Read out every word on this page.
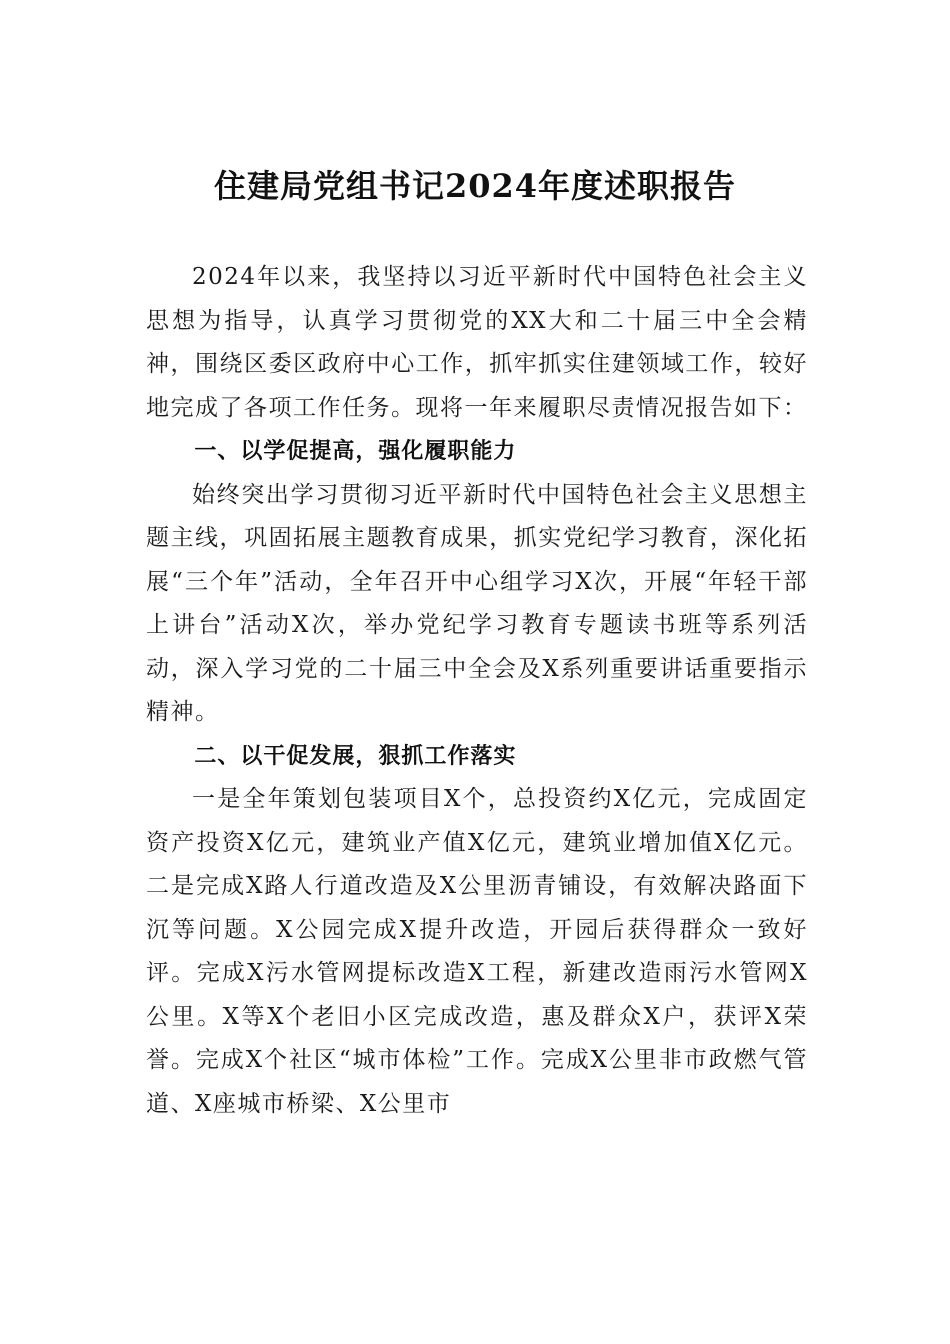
住建局党组书记2024年度述职报告

2024年以来，我坚持以习近平新时代中国特色社会主义思想为指导，认真学习贯彻党的XX大和二十届三中全会精神，围绕区委区政府中心工作，抓牢抓实住建领域工作，较好地完成了各项工作任务。现将一年来履职尽责情况报告如下：

一、以学促提高，强化履职能力

始终突出学习贯彻习近平新时代中国特色社会主义思想主题主线，巩固拓展主题教育成果，抓实党纪学习教育，深化拓展“三个年”活动，全年召开中心组学习X次，开展“年轻干部上讲台”活动X次，举办党纪学习教育专题读书班等系列活动，深入学习党的二十届三中全会及X系列重要讲话重要指示精神。

二、以干促发展，狠抓工作落实

一是全年策划包装项目X个，总投资约X亿元，完成固定资产投资X亿元，建筑业产值X亿元，建筑业增加值X亿元。二是完成X路人行道改造及X公里沥青铺设，有效解决路面下沉等问题。X公园完成X提升改造，开园后获得群众一致好评。完成X污水管网提标改造X工程，新建改造雨污水管网X公里。X等X个老旧小区完成改造，惠及群众X户，获评X荣誉。完成X个社区“城市体检”工作。完成X公里非市政燃气管道、X座城市桥梁、X公里市
